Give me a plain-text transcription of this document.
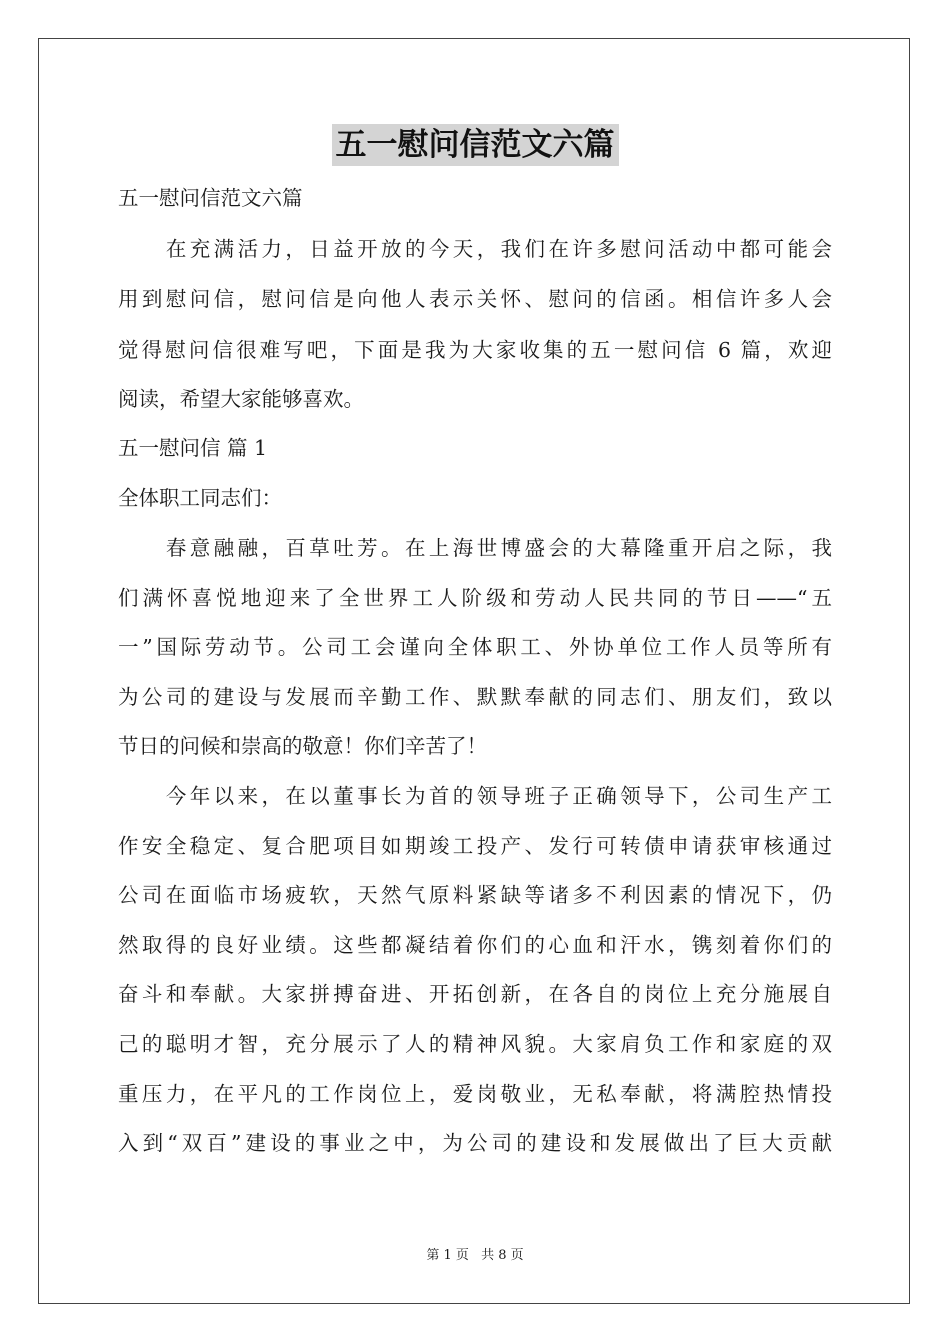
五一慰问信范文六篇
五一慰问信范文六篇
　　在充满活力，日益开放的今天，我们在许多慰问活动中都可能会
用到慰问信，慰问信是向他人表示关怀、慰问的信函。相信许多人会
觉得慰问信很难写吧，下面是我为大家收集的五一慰问信 6 篇，欢迎
阅读，希望大家能够喜欢。
五一慰问信 篇 1
全体职工同志们：
　　春意融融，百草吐芳。在上海世博盛会的大幕隆重开启之际，我
们满怀喜悦地迎来了全世界工人阶级和劳动人民共同的节日——“五
一”国际劳动节。公司工会谨向全体职工、外协单位工作人员等所有
为公司的建设与发展而辛勤工作、默默奉献的同志们、朋友们，致以
节日的问候和崇高的敬意！你们辛苦了！
　　今年以来，在以董事长为首的领导班子正确领导下，公司生产工
作安全稳定、复合肥项目如期竣工投产、发行可转债申请获审核通过
公司在面临市场疲软，天然气原料紧缺等诸多不利因素的情况下，仍
然取得的良好业绩。这些都凝结着你们的心血和汗水，镌刻着你们的
奋斗和奉献。大家拼搏奋进、开拓创新，在各自的岗位上充分施展自
己的聪明才智，充分展示了人的精神风貌。大家肩负工作和家庭的双
重压力，在平凡的工作岗位上，爱岗敬业，无私奉献，将满腔热情投
入到“双百”建设的事业之中，为公司的建设和发展做出了巨大贡献
第 1 页 共 8 页
